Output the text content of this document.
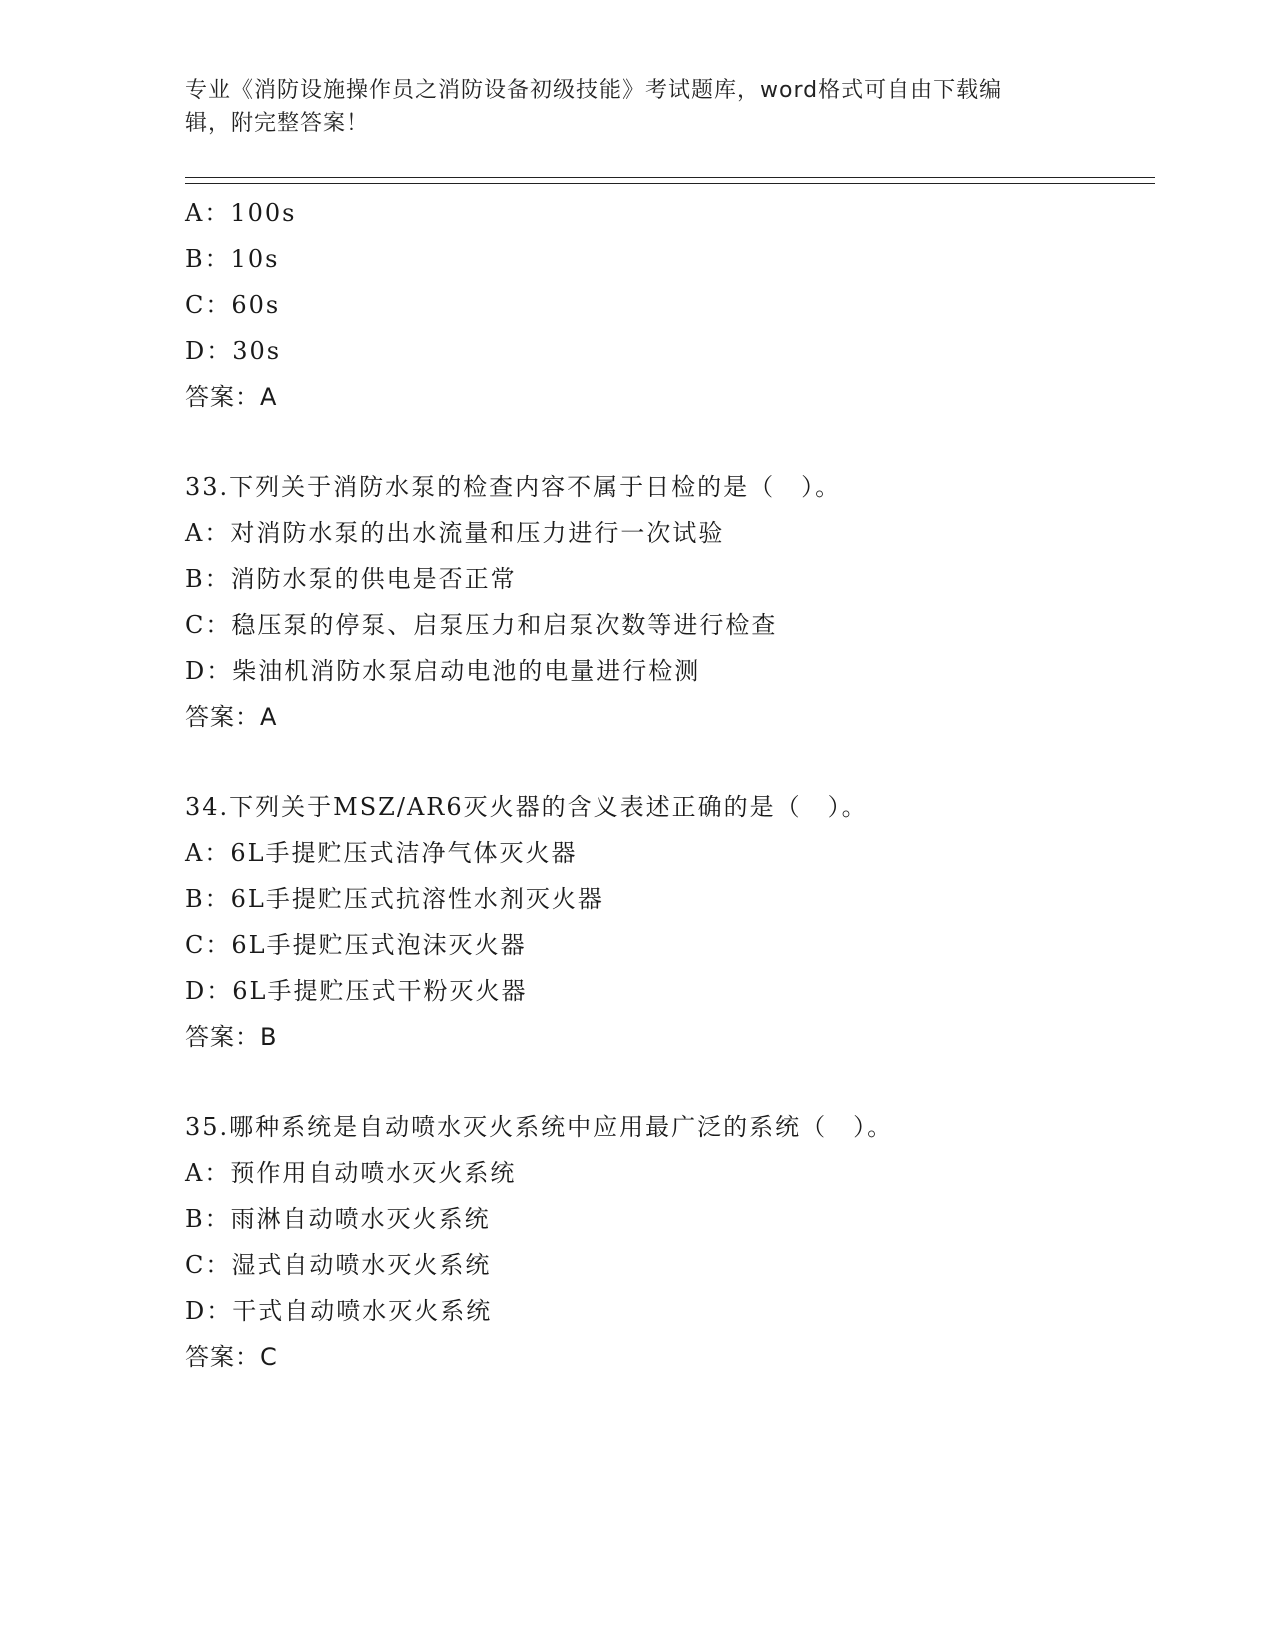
专业《消防设施操作员之消防设备初级技能》考试题库，word格式可自由下载编
辑，附完整答案！
A：100s
B：10s
C：60s
D：30s
答案：A
33.下列关于消防水泵的检查内容不属于日检的是（　）。
A：对消防水泵的出水流量和压力进行一次试验
B：消防水泵的供电是否正常
C：稳压泵的停泵、启泵压力和启泵次数等进行检查
D：柴油机消防水泵启动电池的电量进行检测
答案：A
34.下列关于MSZ/AR6灭火器的含义表述正确的是（　）。
A：6L手提贮压式洁净气体灭火器
B：6L手提贮压式抗溶性水剂灭火器
C：6L手提贮压式泡沫灭火器
D：6L手提贮压式干粉灭火器
答案：B
35.哪种系统是自动喷水灭火系统中应用最广泛的系统（　）。
A：预作用自动喷水灭火系统
B：雨淋自动喷水灭火系统
C：湿式自动喷水灭火系统
D：干式自动喷水灭火系统
答案：C
